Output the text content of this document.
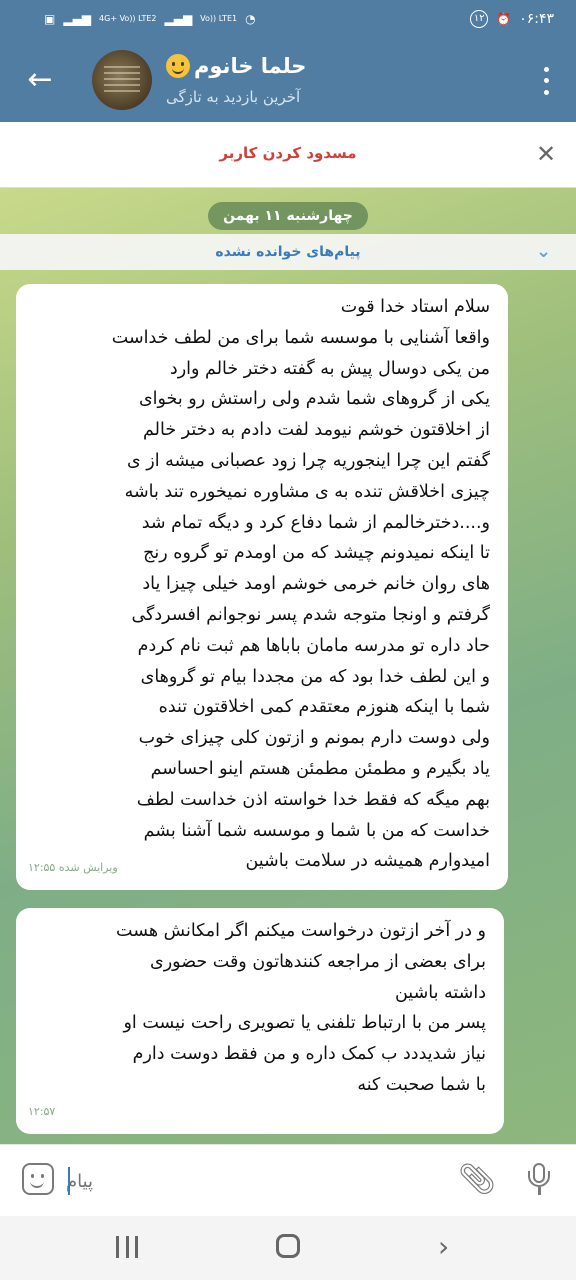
▣ ▂▄▆ 4G+ Vo)) LTE2 ▂▄▆ Vo)) LTE1 ◔	۱۲ ⏰ ۰۶:۴۳
←	حلما خانوم
آخرین بازدید به تازگی
مسدود کردن کاربر	✕
چهارشنبه ۱۱ بهمن
پیام‌های خوانده نشده	⌄
سلام استاد خدا قوت
واقعا آشنایی با موسسه شما برای من لطف خداست
من یکی دوسال پیش به گفته دختر خالم وارد
یکی از گروهای شما شدم ولی راستش رو بخوای
از اخلاقتون خوشم نیومد لفت دادم به دختر خالم
گفتم این چرا اینجوریه چرا زود عصبانی میشه از ی
چیزی اخلاقش تنده به ی مشاوره نمیخوره تند باشه
و....دخترخالمم از شما دفاع کرد و دیگه تمام شد
تا اینکه نمیدونم چیشد که من اومدم تو گروه رنج
های روان خانم خرمی خوشم اومد خیلی چیزا یاد
گرفتم و اونجا متوجه شدم پسر نوجوانم افسردگی
حاد داره تو مدرسه مامان باباها هم ثبت نام کردم
و این لطف خدا بود که من مجددا بیام تو گروهای
شما با اینکه هنوزم معتقدم کمی اخلاقتون تنده
ولی دوست دارم بمونم و ازتون کلی چیزای خوب
یاد بگیرم و مطمئن مطمئن هستم اینو احساسم
بهم میگه که فقط خدا خواسته اذن خداست لطف
خداست که من با شما و موسسه شما آشنا بشم
امیدوارم همیشه در سلامت باشین
ویرایش شده ۱۲:۵۵
و در آخر ازتون درخواست میکنم اگر امکانش هست
برای بعضی از مراجعه کنندهاتون وقت حضوری
داشته باشین
پسر من با ارتباط تلفنی یا تصویری راحت نیست او
نیاز شدیددد ب کمک داره و من فقط دوست دارم
با شما صحبت کنه
۱۲:۵۷
پیام
📎︎
›
